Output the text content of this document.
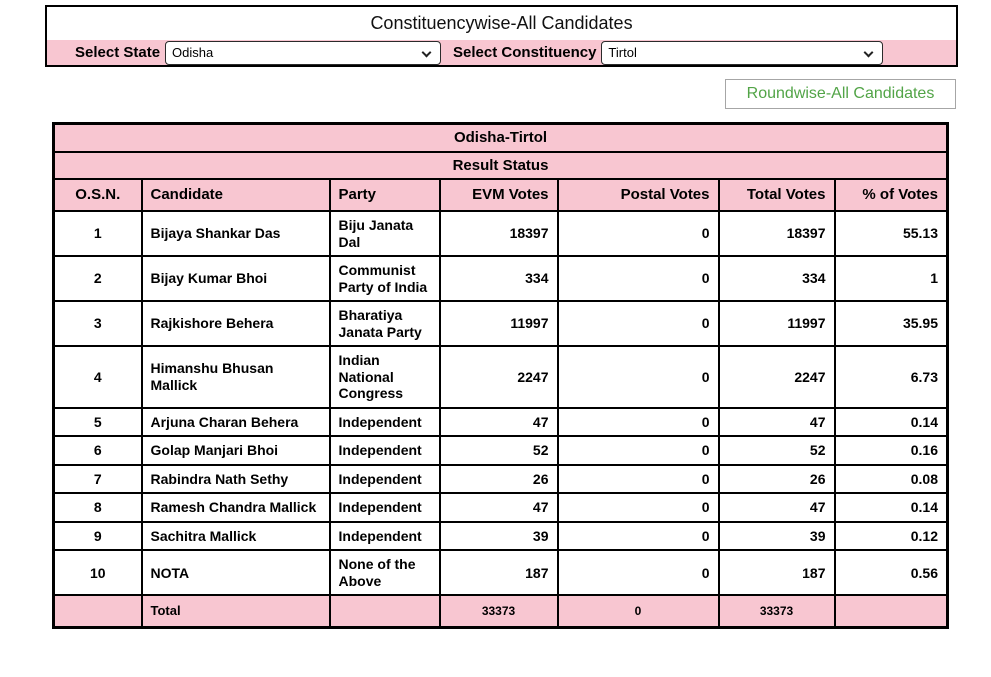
Constituencywise-All Candidates
Select State Odisha	Select Constituency Tirtol
Roundwise-All Candidates
Odisha-Tirtol						
Result Status						
O.S.N.	Candidate	Party	EVM Votes	Postal Votes	Total Votes	% of Votes
1	Bijaya Shankar Das	Biju Janata Dal	18397	0	18397	55.13
2	Bijay Kumar Bhoi	Communist Party of India	334	0	334	1
3	Rajkishore Behera	Bharatiya Janata Party	11997	0	11997	35.95
4	Himanshu Bhusan Mallick	Indian National Congress	2247	0	2247	6.73
5	Arjuna Charan Behera	Independent	47	0	47	0.14
6	Golap Manjari Bhoi	Independent	52	0	52	0.16
7	Rabindra Nath Sethy	Independent	26	0	26	0.08
8	Ramesh Chandra Mallick	Independent	47	0	47	0.14
9	Sachitra Mallick	Independent	39	0	39	0.12
10	NOTA	None of the Above	187	0	187	0.56
	Total		33373	0	33373	
